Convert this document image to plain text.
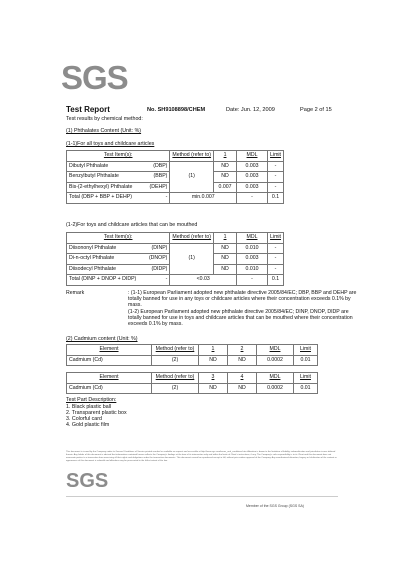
SGS
Test Report	No. SH9108898/CHEM	Date: Jun. 12, 2009	Page 2 of 15
Test results by chemical method:
(1) Phthalates Content (Unit: %)
(1-1)For all toys and childcare articles
Test Item(s):		Method (refer to)	1	MDL	Limit
Dibutyl Phthalate	(DBP)	(1)	ND	0.003	-
Benzylbutyl Phthalate	(BBP)		ND	0.003	-
Bis-(2-ethylhexyl) Phthalate	(DEHP)		0.007	0.003	-
Total (DBP + BBP + DEHP)	-	min.0.007		-	0.1
(1-2)For toys and childcare articles that can be mouthed
Test Item(s):		Method (refer to)	1	MDL	Limit
Diisononyl Phthalate	(DINP)	(1)	ND	0.010	-
Di-n-octyl Phthalate	(DNOP)		ND	0.003	-
Diisodecyl Phthalate	(DIDP)		ND	0.010	-
Total (DINP + DNOP + DIDP)	-	<0.03		-	0.1
Remark	: (1-1) European Parliament adopted new phthalate directive 2005/84/EC; DBP, BBP and DEHP are totally banned for use in any toys or childcare articles where their concentration exceeds 0.1% by mass.
(1-2) European Parliament adopted new phthalate directive 2005/84/EC; DINP, DNOP, DIDP are totally banned for use in toys and childcare articles that can be mouthed where their concentration exceeds 0.1% by mass.
(2) Cadmium content (Unit: %)
Element	Method (refer to)	1	2	MDL	Limit
Cadmium (Cd)	(2)	ND	ND	0.0002	0.01
Element	Method (refer to)	3	4	MDL	Limit
Cadmium (Cd)	(2)	ND	ND	0.0002	0.01
Test Part Description:
1. Black plastic ball
2. Transparent plastic box
3. Colorful card
4. Gold plastic film
This document is issued by the Company under its General Conditions of Service printed overleaf or available on request and accessible at http://www.sgs.com/terms_and_conditions.htm. Attention is drawn to the limitation of liability, indemnification and jurisdiction issues defined therein. Any holder of this document is advised that information contained hereon reflects the Company's findings at the time of its intervention only and within the limits of Client's instructions, if any. The Company's sole responsibility is to its Client and this document does not exonerate parties to a transaction from exercising all their rights and obligations under the transaction documents. This document cannot be reproduced except in full, without prior written approval of the Company. Any unauthorized alteration, forgery or falsification of the content or appearance of this document is unlawful and offenders may be prosecuted to the fullest extent of the law.
SGS
Member of the SGS Group (SGS SA)
